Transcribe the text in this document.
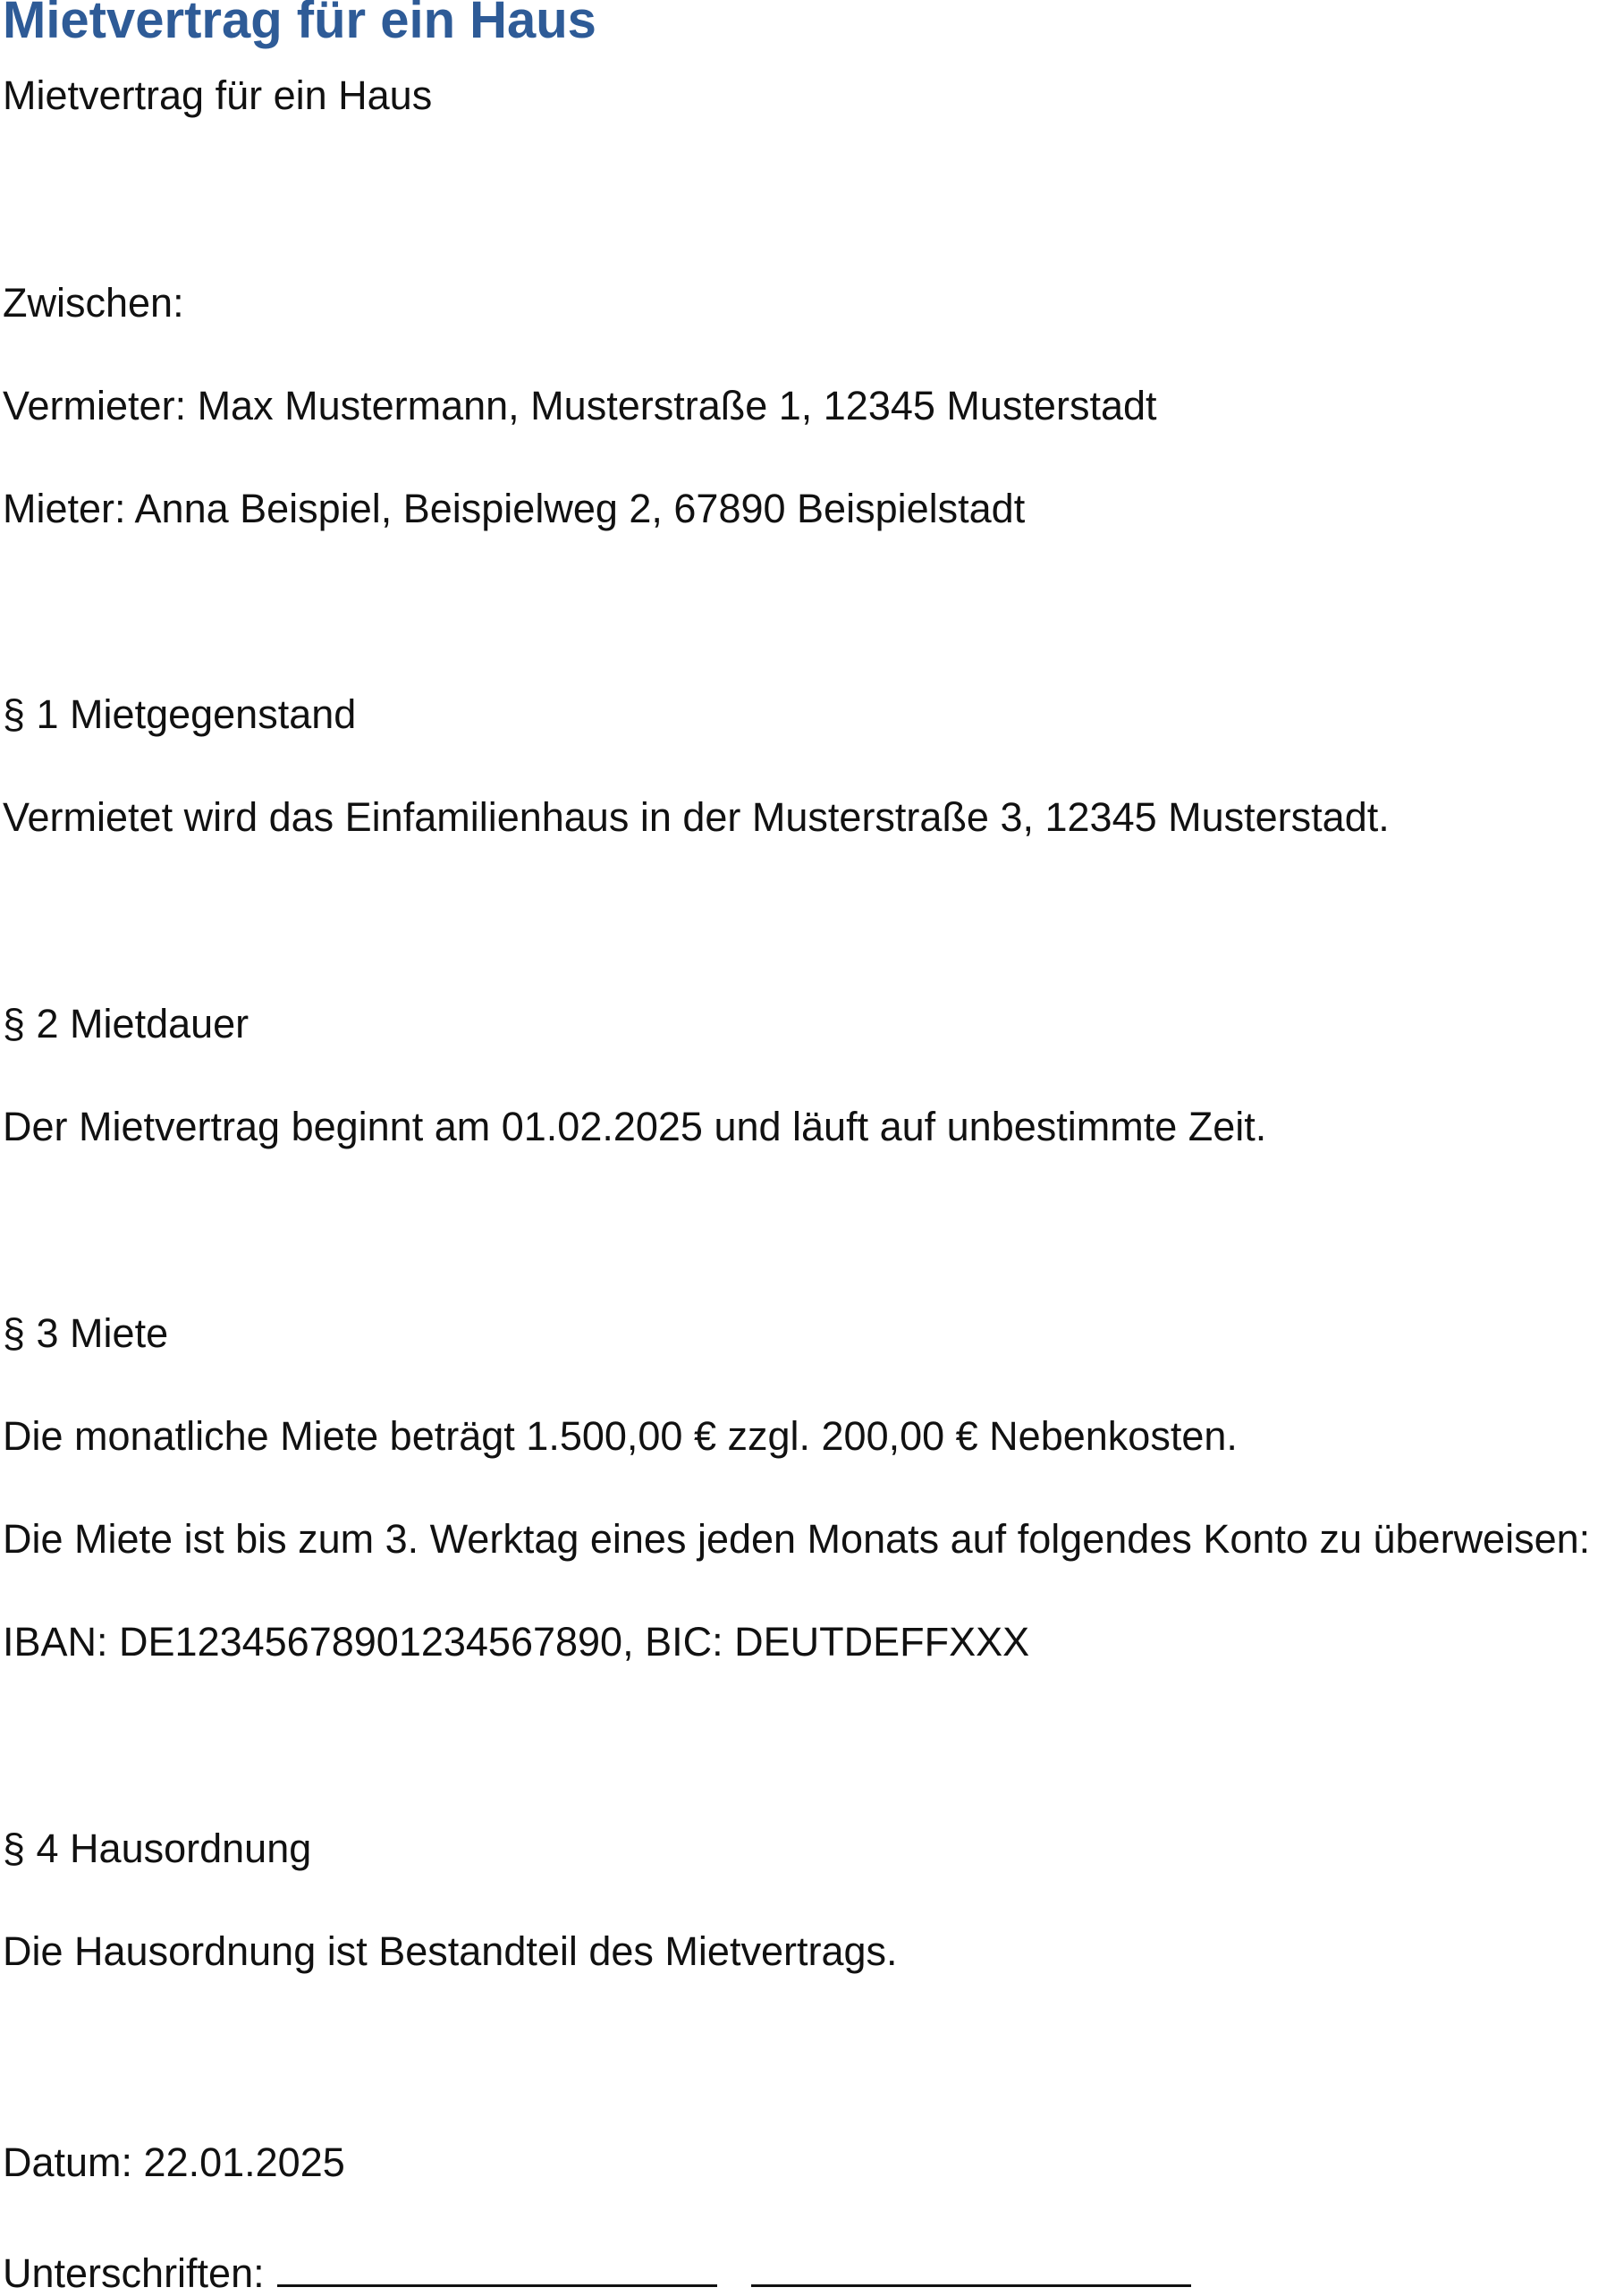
Mietvertrag für ein Haus
Mietvertrag für ein Haus
Zwischen:
Vermieter: Max Mustermann, Musterstraße 1, 12345 Musterstadt
Mieter: Anna Beispiel, Beispielweg 2, 67890 Beispielstadt
§ 1 Mietgegenstand
Vermietet wird das Einfamilienhaus in der Musterstraße 3, 12345 Musterstadt.
§ 2 Mietdauer
Der Mietvertrag beginnt am 01.02.2025 und läuft auf unbestimmte Zeit.
§ 3 Miete
Die monatliche Miete beträgt 1.500,00 € zzgl. 200,00 € Nebenkosten.
Die Miete ist bis zum 3. Werktag eines jeden Monats auf folgendes Konto zu überweisen:
IBAN: DE12345678901234567890, BIC: DEUTDEFFXXX
§ 4 Hausordnung
Die Hausordnung ist Bestandteil des Mietvertrags.
Datum: 22.01.2025
Unterschriften:
